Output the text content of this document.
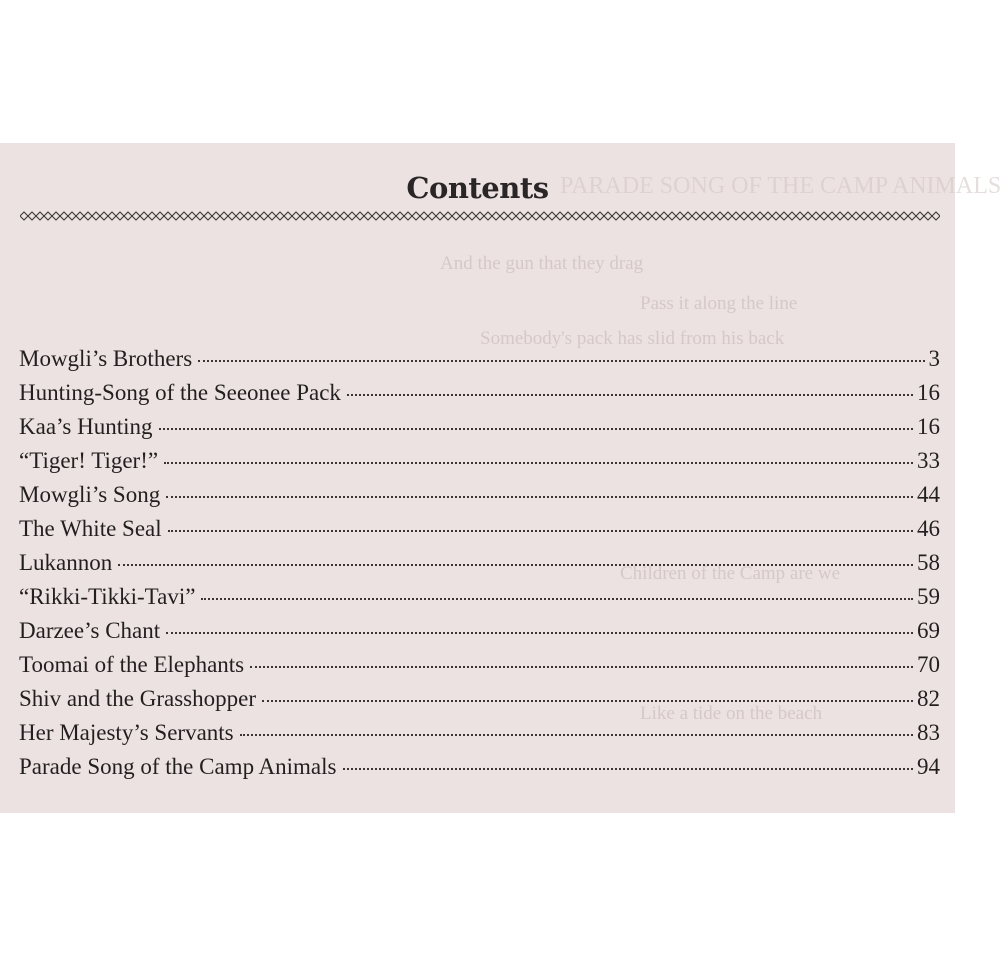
PARADE SONG OF THE CAMP ANIMALS
And the gun that they drag
Pass it along the line
Somebody's pack has slid from his back
Children of the Camp are we
Like a tide on the beach
Contents
Mowgli’s Brothers	3
Hunting-Song of the Seeonee Pack	16
Kaa’s Hunting	16
“Tiger! Tiger!”	33
Mowgli’s Song	44
The White Seal	46
Lukannon	58
“Rikki-Tikki-Tavi”	59
Darzee’s Chant	69
Toomai of the Elephants	70
Shiv and the Grasshopper	82
Her Majesty’s Servants	83
Parade Song of the Camp Animals	94
